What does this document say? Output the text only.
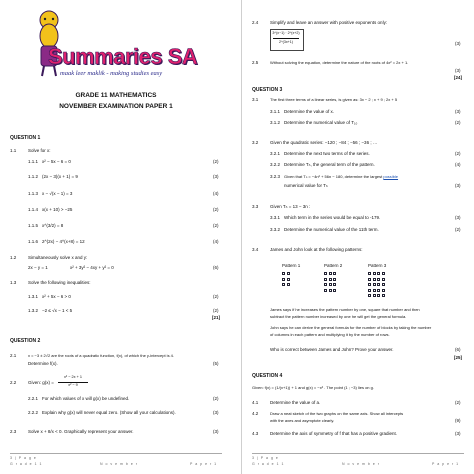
Summaries SA
maak leer maklik - making studies easy
GRADE 11 MATHEMATICS
NOVEMBER EXAMINATION PAPER 1
QUESTION 1
1.1	Solve for x:
1.1.1 x² − 5x − 6 = 0	(2)
1.1.2 (2x − 3)(x + 1) = 9	(3)
1.1.3 x − √(x − 1) = 3	(4)
1.1.4 x(x + 10) > −25	(2)
1.1.5 x^(3/2) = 8	(2)
1.1.6 2^(2x) − 4^(x+8) = 12	(4)
1.2	Simultaneously solve x and y:
2x − y = 1	x² + 3y² − 4xy + y² = 0	(6)
1.3	Solve the following inequalities:
1.3.1 x² + 5x − 6 > 0	(2)
1.3.2 −2 ≤ √x − 1 < 5	(2)
[21]
QUESTION 2
2.1	x = −3 ± 2√2 are the roots of a quadratic function, f(x), of which the y-intercept is 4.
Determine f(x).	(5)
2.2	Given: g(x) =
x² − 2x + 1
x² − 9
2.2.1 For which values of x will g(x) be undefined.	(2)
2.2.2 Explain why g(x) will never equal zero. (Show all your calculations).	(3)
2.3	Solve x + 8/x < 0. Graphically represent your answer.	(3)
3 | P a g e
G r a d e 1 1	N o v e m b e r	P a p e r 1
2.4	Simplify and leave an answer with positive exponents only:
3^(x−1) · 2^(x+2)
2^(3x+1)	(3)
2.5	Without solving the equation, determine the nature of the roots of 4x² = 2x + 1.
(3)
[24]
QUESTION 3
3.1	The first three terms of a linear series, is given as: 3x − 2 ; x + 9 ; 2x + 5
3.1.1 Determine the value of x.	(3)
3.1.2 Determine the numerical value of T₁₀	(2)
3.2	Given the quadratic series: −120 ; −84 ; −56 ; −36 ; …
3.2.1 Determine the next two terms of the series.	(2)
3.2.2 Determine Tₙ, the general term of the pattern.	(4)
3.2.3 Given that Tₙ = −4n² + 56n − 180, determine the largest possible
numerical value for Tₙ	(3)
3.3	Given Tₙ = 13 − 3n :
3.3.1 Which term in the series would be equal to -179.	(3)
3.3.2 Determine the numerical value of the 11th term.	(2)
3.4	James and John look at the following patterns:
Pattern 1	Pattern 2	Pattern 3
James says if he increases the pattern number by one, square that number and then
subtract the pattern number increased by one he will get the general formula.
John says he can derive the general formula for the number of blocks by taking the number
of columns in each pattern and multiplying it by the number of rows.
Who is correct between James and John? Prove your answer.	(6)
[25]
QUESTION 4
Given: f(x) = (1/(x+1)) + 1 and g(x) = −x² . The point (1 ; −3) lies on g.
4.1	Determine the value of a.	(2)
4.2	Draw a neat sketch of the two graphs on the same axis. Show all intercepts
with the axes and asymptote clearly.	(9)
4.3	Determine the axis of symmetry of f that has a positive gradient.	(3)
3 | P a g e
G r a d e 1 1	N o v e m b e r	P a p e r 1
